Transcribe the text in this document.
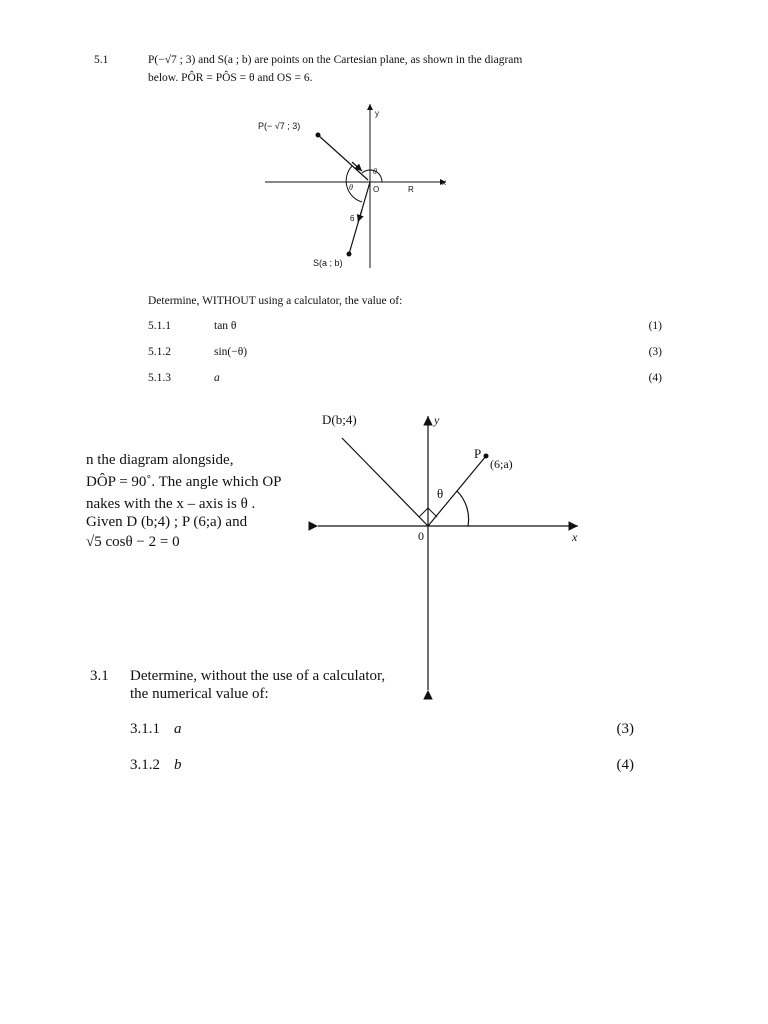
5.1	P(−√7 ; 3) and S(a ; b) are points on the Cartesian plane, as shown in the diagram
below. PÔR = PÔS = θ and OS = 6.
P(− √7 ; 3)
S(a ; b)
y
x
O	R
θ
θ
6
Determine, WITHOUT using a calculator, the value of:
5.1.1	tan θ	(1)
5.1.2	sin(−θ)	(3)
5.1.3	a	(4)
n the diagram alongside,
DÔP = 90˚. The angle which OP
nakes with the x – axis is θ .
Given D (b;4) ; P (6;a) and
√5 cosθ − 2 = 0
D(b;4)
P
(6;a)
y
x
0
θ
3.1 Determine, without the use of a calculator,
the numerical value of:
3.1.1 a	(3)
3.1.2 b	(4)
